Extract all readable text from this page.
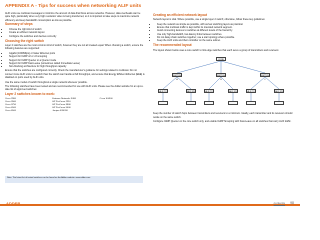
APPENDIX A - Tips for success when networking ALIF units

ALIF units use multicast messages to minimize the amount of data that flows across networks. However, data overheads can be quite high, particularly when very high resolution video is being transferred, so it is important to take steps to maximize network efficiency and keep bandwidth consumption as low as possible.

Summary of steps
• Choose the right kind of switch
• Create an efficient network layout
• Configure the switches and devices correctly
Choosing the right switch

Layer 2 switches are the most common kind of switch, however they are not all created equal. When choosing a switch, ensure the following features are supported:

• Gigabit (1000Mbps) or faster Ethernet ports
• Support for IGMP v2 or v3 snooping
• Support for IGMP Querier or a Querier mode
• Support for IGMP Fast-Leave (sometimes called Immediate Leave)
• Non-blocking architecture for high throughput capacity

Ensure that the switches are configured correctly. Check the manufacturer's guidance for settings related to multicast. Do not connect more ALIF units to a switch than the switch can handle at full throughput, and ensure that Energy Efficient Ethernet (EEE) is disabled on ports used by ALIF units.

Use the same model of switch throughout a single network wherever possible.

The following switches have been tested and are recommended for use with ALIF units. Please see the Adder website for an up-to-date list of approved switches:

Layer 2 switches known to work:
Cisco 2960	Extreme Networks X460	Cisco SG300
Cisco 3560	HP ProCurve 2910
Cisco 3750	HP ProCurve 3800
Cisco 4500	HP ProCurve 5400
Cisco 6500	Juniper EX4200
Note: The latest list of tested switches can be found on the Adder website: www.adder.com
Creating an efficient network layout

Network layout is vital. Where possible, use a single layer 2 switch; otherwise, follow these key guidelines:

• Keep the network as simple as possible, with as few switching layers as practical.
• Ensure that multicast traffic is kept within its intended network segment.
• Avoid connecting devices to switches at different levels of the hierarchy.
• Use only high-bandwidth, low-latency links between switches.
• Do not daisy-chain switches together; use a star topology where possible.
• Keep the ALIF units and their controller on the same subnet.
The recommended layout

The layout shown below uses a core switch to link edge switches that each serve a group of transmitters and receivers:

CORE
SWITCH A
SWITCH B
SWITCH C
ALIF TX	ALIF RX	ALIF TX	ALIF RX	ALIF TX	ALIF RX

Keep the number of switch hops between transmitters and receivers to a minimum. Ideally, each transmitter and its receivers should reside on the same switch.

Configure IGMP Querier on the core switch only, and enable IGMP Snooping with Fast-Leave on all switches that carry ALIF traffic.

ADDER	contents 98
